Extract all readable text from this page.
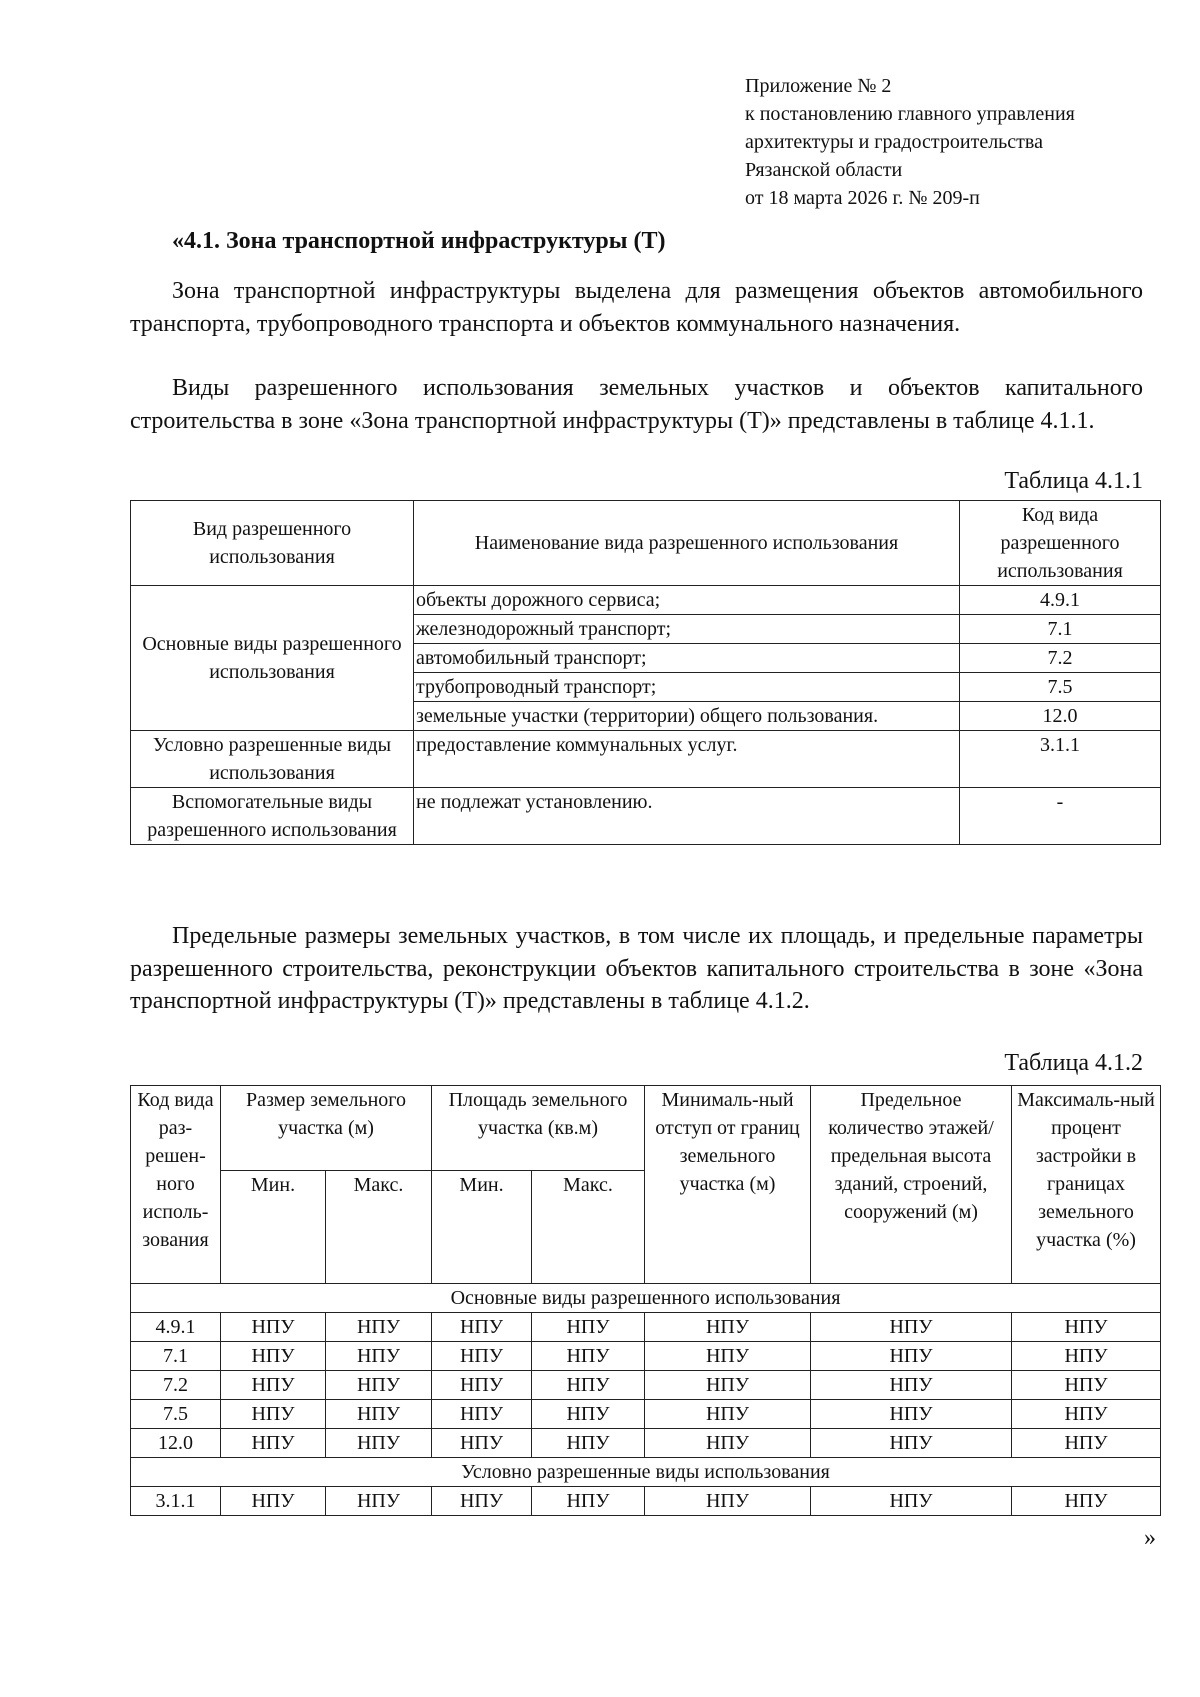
Приложение № 2
к постановлению главного управления
архитектуры и градостроительства
Рязанской области
от 18 марта 2026 г. № 209-п
«4.1. Зона транспортной инфраструктуры (Т)

Зона транспортной инфраструктуры выделена для размещения объектов автомобильного транспорта, трубопроводного транспорта и объектов коммунального назначения.

Виды разрешенного использования земельных участков и объектов капитального строительства в зоне «Зона транспортной инфраструктуры (Т)» представлены в таблице 4.1.1.

Таблица 4.1.1
Вид разрешенного использования	Наименование вида разрешенного использования	Код вида разрешенного использования
Основные виды разрешенного использования	объекты дорожного сервиса;	4.9.1
	железнодорожный транспорт;	7.1
	автомобильный транспорт;	7.2
	трубопроводный транспорт;	7.5
	земельные участки (территории) общего пользования.	12.0
Условно разрешенные виды использования	предоставление коммунальных услуг.	3.1.1
Вспомогательные виды разрешенного использования	не подлежат установлению.	-

Предельные размеры земельных участков, в том числе их площадь, и предельные параметры разрешенного строительства, реконструкции объектов капитального строительства в зоне «Зона транспортной инфраструктуры (Т)» представлены в таблице 4.1.2.

Таблица 4.1.2
Код вида раз-решен-ного исполь-зования	Размер земельного участка (м)		Площадь земельного участка (кв.м)		Минималь-ный отступ от границ земельного участка (м)	Предельное количество этажей/ предельная высота зданий, строений, сооружений (м)	Максималь-ный процент застройки в границах земельного участка (%)
	Мин.	Макс.	Мин.	Макс.			
Основные виды разрешенного использования							
4.9.1	НПУ	НПУ	НПУ	НПУ	НПУ	НПУ	НПУ
7.1	НПУ	НПУ	НПУ	НПУ	НПУ	НПУ	НПУ
7.2	НПУ	НПУ	НПУ	НПУ	НПУ	НПУ	НПУ
7.5	НПУ	НПУ	НПУ	НПУ	НПУ	НПУ	НПУ
12.0	НПУ	НПУ	НПУ	НПУ	НПУ	НПУ	НПУ
Условно разрешенные виды использования							
3.1.1	НПУ	НПУ	НПУ	НПУ	НПУ	НПУ	НПУ
»
